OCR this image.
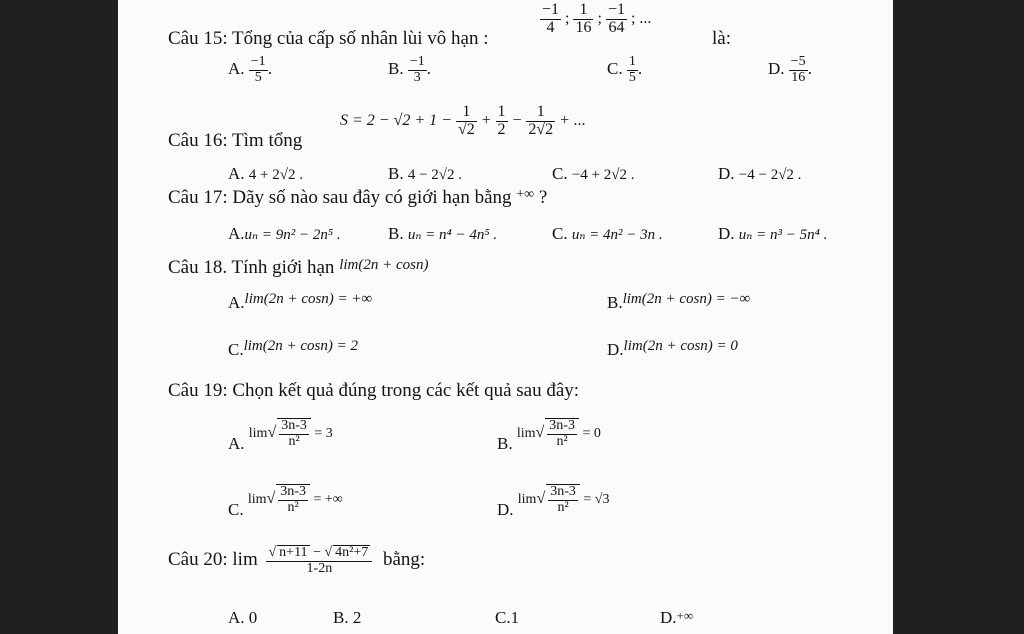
Câu 15: Tổng của cấp số nhân lùi vô hạn :
$\frac{-1}{4}$ ; $\frac{1}{16}$ ; $\frac{-1}{64}$ ; ...
là:
A. $\frac{-1}{5}$ .	B. $\frac{-1}{3}$ .	C. $\frac{1}{5}$ .	D. $\frac{-5}{16}$ .
Câu 16: Tìm tổng
$S = 2 - √2 + 1 - \frac{1}{√2} + \frac{1}{2} - \frac{1}{2√2}$ + ...
A. 4 + 2√2 .	B. 4 − 2√2 .	C. −4 + 2√2 .	D. −4 − 2√2 .
Câu 17: Dãy số nào sau đây có giới hạn bằng +∞ ?
A.uₙ = 9n² − 2n⁵ .	B. uₙ = n⁴ − 4n⁵ .	C. uₙ = 4n² − 3n .	D. uₙ = n³ − 5n⁴ .
Câu 18. Tính giới hạn $^{lim(2n + cosn)}$
A.lim(2n + cosn) = +∞	B.lim(2n + cosn) = −∞
C.lim(2n + cosn) = 2	D.lim(2n + cosn) = 0
Câu 19: Chọn kết quả đúng trong các kết quả sau đây:
A. $\lim√ \frac{3n-3}{\text{n²}} = 3$
B. $\lim√ \frac{3n-3}{\text{n²}} = 0$
C. $\lim√ \frac{3n-3}{\text{n²}}$ = +∞
D. $\lim√ \frac{3n-3}{\text{n²}} = √3$
Câu 20: $\lim \frac{\text{√ n+11 − √ 4n²+7}}{1-2n}$ bằng:
A. 0	B. 2	C.1	D.+∞
